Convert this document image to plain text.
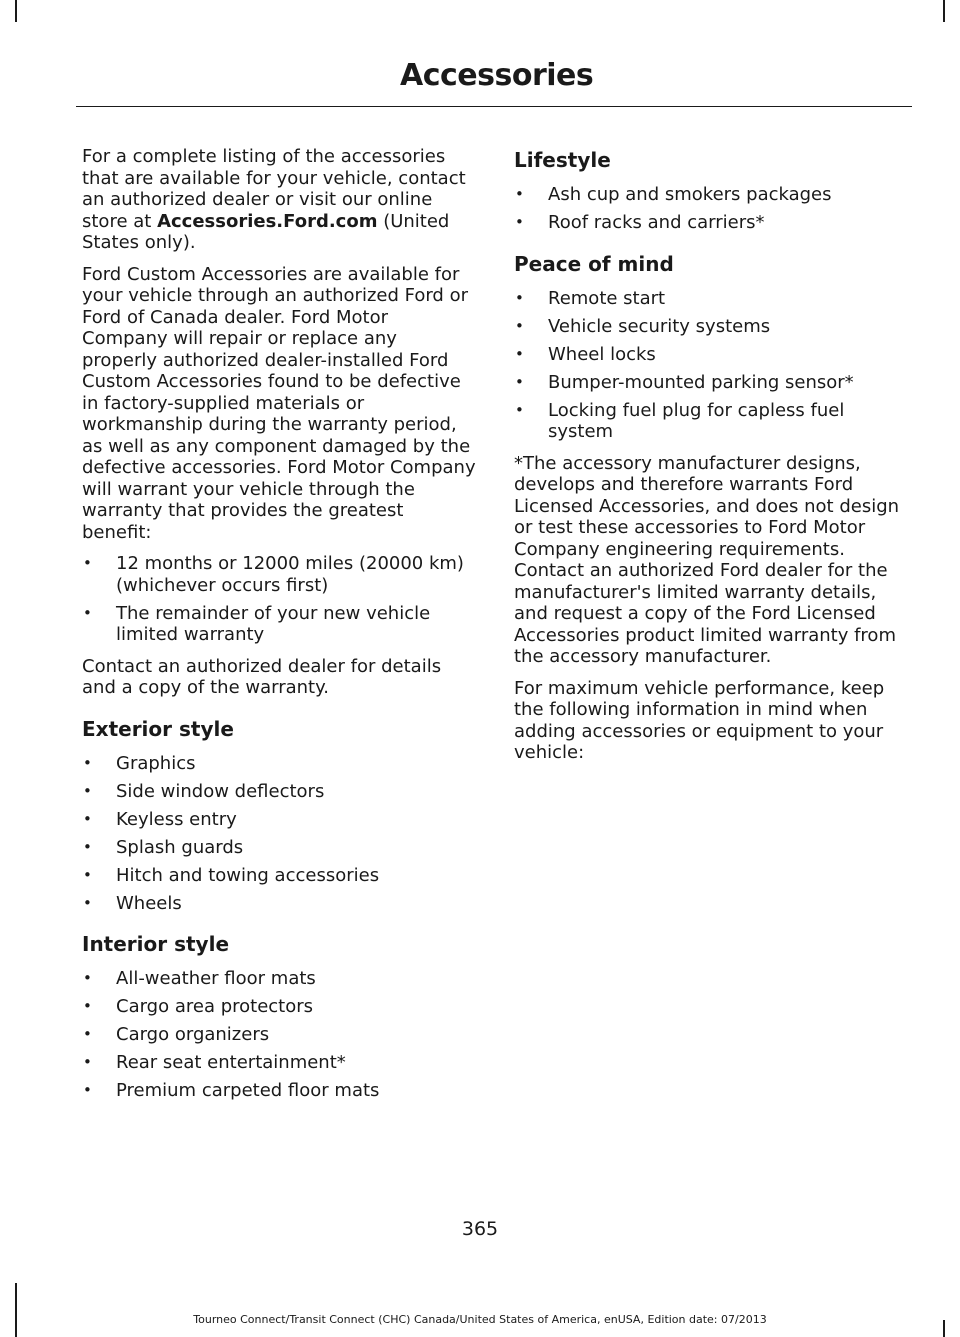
Accessories

For a complete listing of the accessories that are available for your vehicle, contact an authorized dealer or visit our online store at Accessories.Ford.com (United States only).

Ford Custom Accessories are available for your vehicle through an authorized Ford or Ford of Canada dealer. Ford Motor Company will repair or replace any properly authorized dealer-installed Ford Custom Accessories found to be defective in factory-supplied materials or workmanship during the warranty period, as well as any component damaged by the defective accessories. Ford Motor Company will warrant your vehicle through the warranty that provides the greatest benefit:

• 12 months or 12000 miles (20000 km) (whichever occurs first)
• The remainder of your new vehicle limited warranty

Contact an authorized dealer for details and a copy of the warranty.

Exterior style
• Graphics
• Side window deflectors
• Keyless entry
• Splash guards
• Hitch and towing accessories
• Wheels
Interior style
• All-weather floor mats
• Cargo area protectors
• Cargo organizers
• Rear seat entertainment*
• Premium carpeted floor mats
Lifestyle
• Ash cup and smokers packages
• Roof racks and carriers*
Peace of mind
• Remote start
• Vehicle security systems
• Wheel locks
• Bumper-mounted parking sensor*
• Locking fuel plug for capless fuel system

*The accessory manufacturer designs, develops and therefore warrants Ford Licensed Accessories, and does not design or test these accessories to Ford Motor Company engineering requirements. Contact an authorized Ford dealer for the manufacturer's limited warranty details, and request a copy of the Ford Licensed Accessories product limited warranty from the accessory manufacturer.

For maximum vehicle performance, keep the following information in mind when adding accessories or equipment to your vehicle:

365
Tourneo Connect/Transit Connect (CHC) Canada/United States of America, enUSA, Edition date: 07/2013
